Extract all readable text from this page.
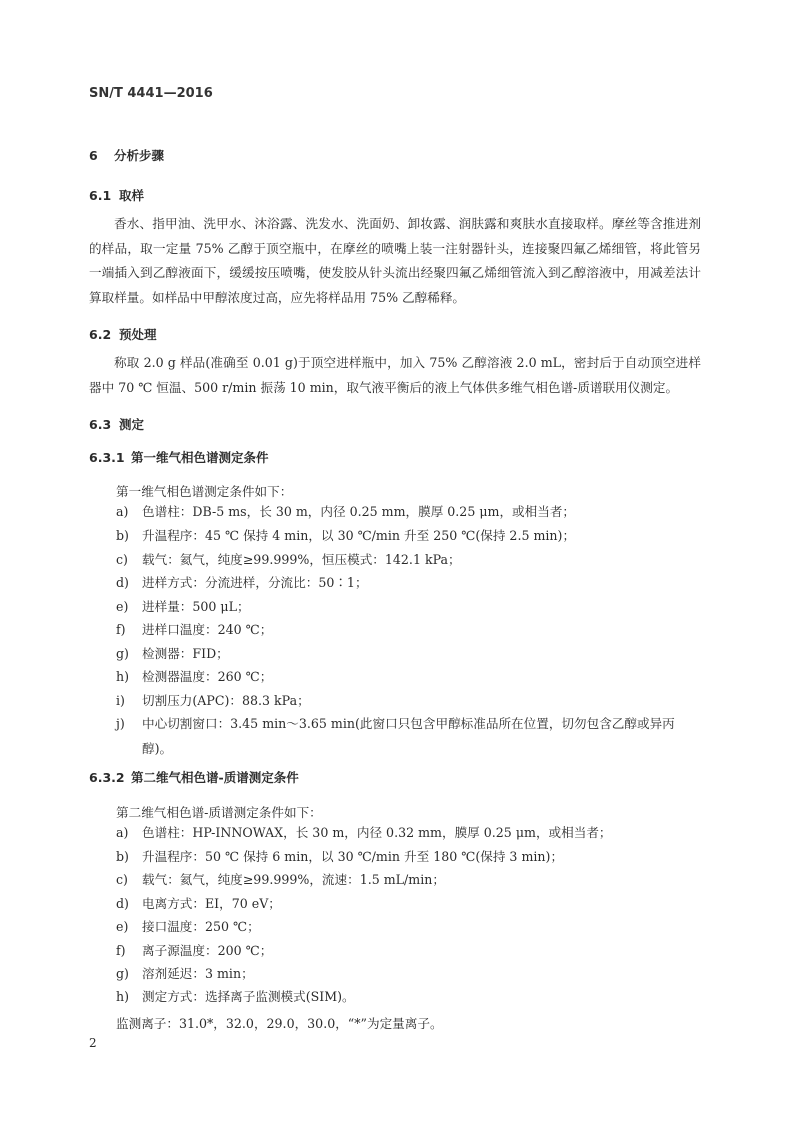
SN/T 4441—2016
6 分析步骤
6.1 取样
香水、指甲油、洗甲水、沐浴露、洗发水、洗面奶、卸妆露、润肤露和爽肤水直接取样。摩丝等含推进剂的样品，取一定量 75% 乙醇于顶空瓶中，在摩丝的喷嘴上装一注射器针头，连接聚四氟乙烯细管，将此管另一端插入到乙醇液面下，缓缓按压喷嘴，使发胶从针头流出经聚四氟乙烯细管流入到乙醇溶液中，用减差法计算取样量。如样品中甲醇浓度过高，应先将样品用 75% 乙醇稀释。
6.2 预处理
称取 2.0 g 样品(准确至 0.01 g)于顶空进样瓶中，加入 75% 乙醇溶液 2.0 mL，密封后于自动顶空进样器中 70 ℃ 恒温、500 r/min 振荡 10 min，取气液平衡后的液上气体供多维气相色谱-质谱联用仪测定。
6.3 测定
6.3.1 第一维气相色谱测定条件
第一维气相色谱测定条件如下：
a) 色谱柱：DB-5 ms，长 30 m，内径 0.25 mm，膜厚 0.25 μm，或相当者；
b) 升温程序：45 ℃ 保持 4 min，以 30 ℃/min 升至 250 ℃(保持 2.5 min)；
c) 载气：氦气，纯度≥99.999%，恒压模式：142.1 kPa；
d) 进样方式：分流进样，分流比：50∶1；
e) 进样量：500 μL；
f) 进样口温度：240 ℃；
g) 检测器：FID；
h) 检测器温度：260 ℃；
i) 切割压力(APC)：88.3 kPa；
j) 中心切割窗口：3.45 min～3.65 min(此窗口只包含甲醇标准品所在位置，切勿包含乙醇或异丙醇)。
6.3.2 第二维气相色谱-质谱测定条件
第二维气相色谱-质谱测定条件如下：
a) 色谱柱：HP-INNOWAX，长 30 m，内径 0.32 mm，膜厚 0.25 μm，或相当者；
b) 升温程序：50 ℃ 保持 6 min，以 30 ℃/min 升至 180 ℃(保持 3 min)；
c) 载气：氦气，纯度≥99.999%，流速：1.5 mL/min；
d) 电离方式：EI，70 eV；
e) 接口温度：250 ℃；
f) 离子源温度：200 ℃；
g) 溶剂延迟：3 min；
h) 测定方式：选择离子监测模式(SIM)。
监测离子：31.0*，32.0，29.0，30.0，“*”为定量离子。
2
